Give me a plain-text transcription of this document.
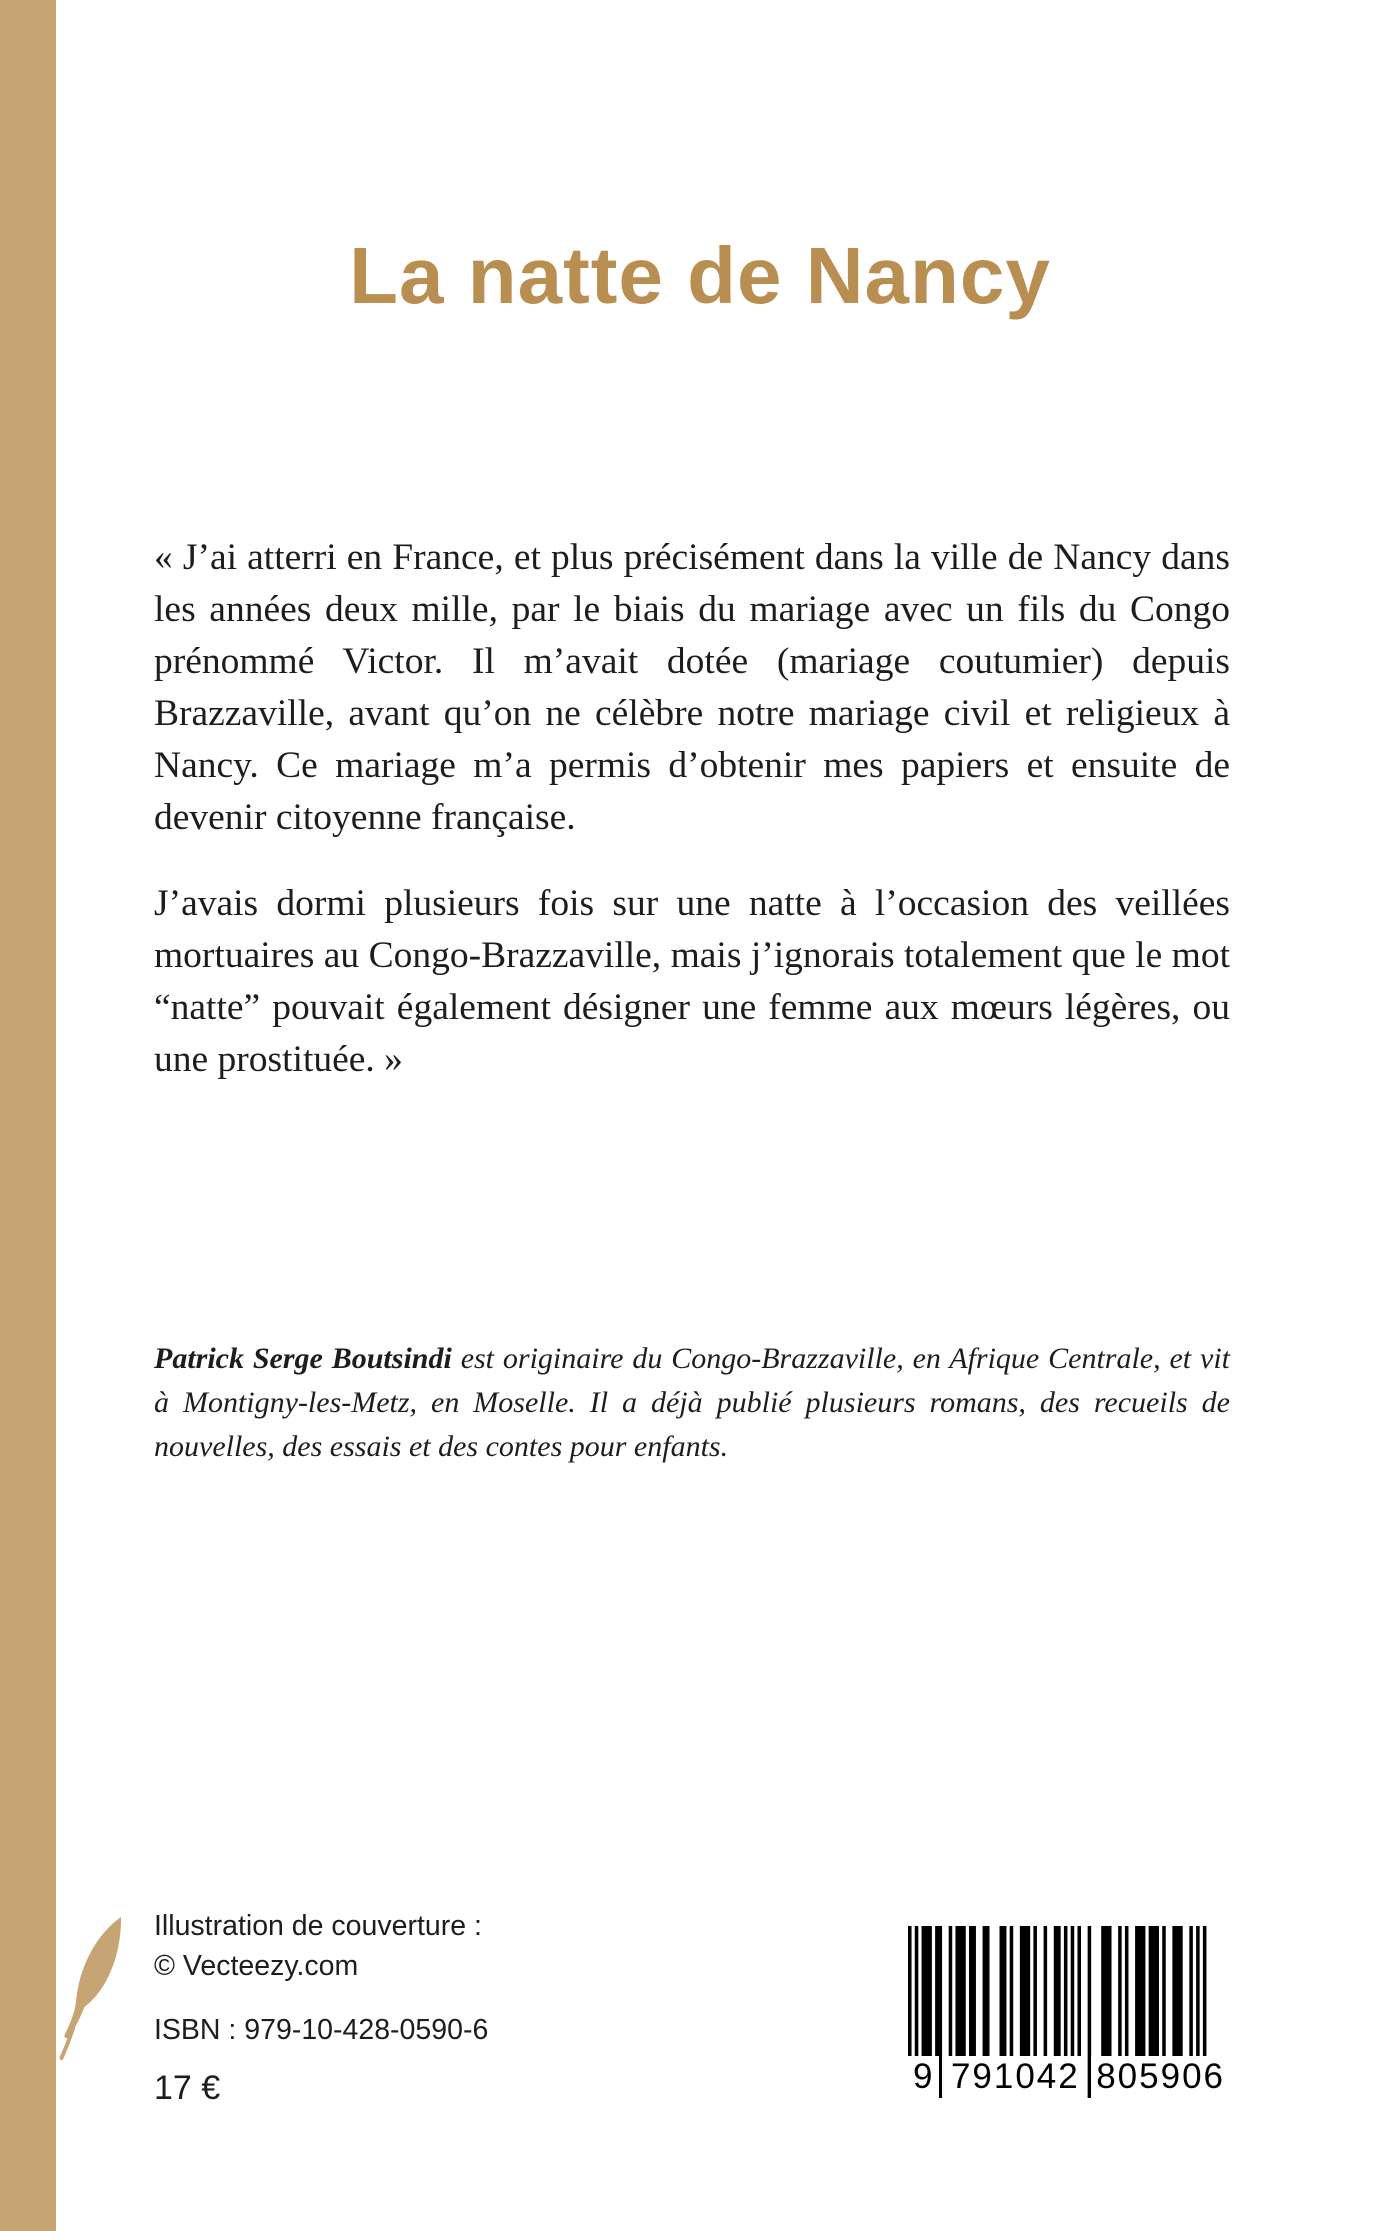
La natte de Nancy

« J’ai atterri en France, et plus précisément dans la ville de Nancy dans les années deux mille, par le biais du mariage avec un fils du Congo prénommé Victor. Il m’avait dotée (mariage coutumier) depuis Brazzaville, avant qu’on ne célèbre notre mariage civil et religieux à Nancy. Ce mariage m’a permis d’obtenir mes papiers et ensuite de devenir citoyenne française.

J’avais dormi plusieurs fois sur une natte à l’occasion des veillées mortuaires au Congo-Brazzaville, mais j’ignorais totalement que le mot “natte” pouvait également désigner une femme aux mœurs légères, ou une prostituée. »

Patrick Serge Boutsindi est originaire du Congo-Brazzaville, en Afrique Centrale, et vit à Montigny-les-Metz, en Moselle. Il a déjà publié plusieurs romans, des recueils de nouvelles, des essais et des contes pour enfants.

Illustration de couverture :

© Vecteezy.com

ISBN : 979-10-428-0590-6

17 €	9 791042 805906
